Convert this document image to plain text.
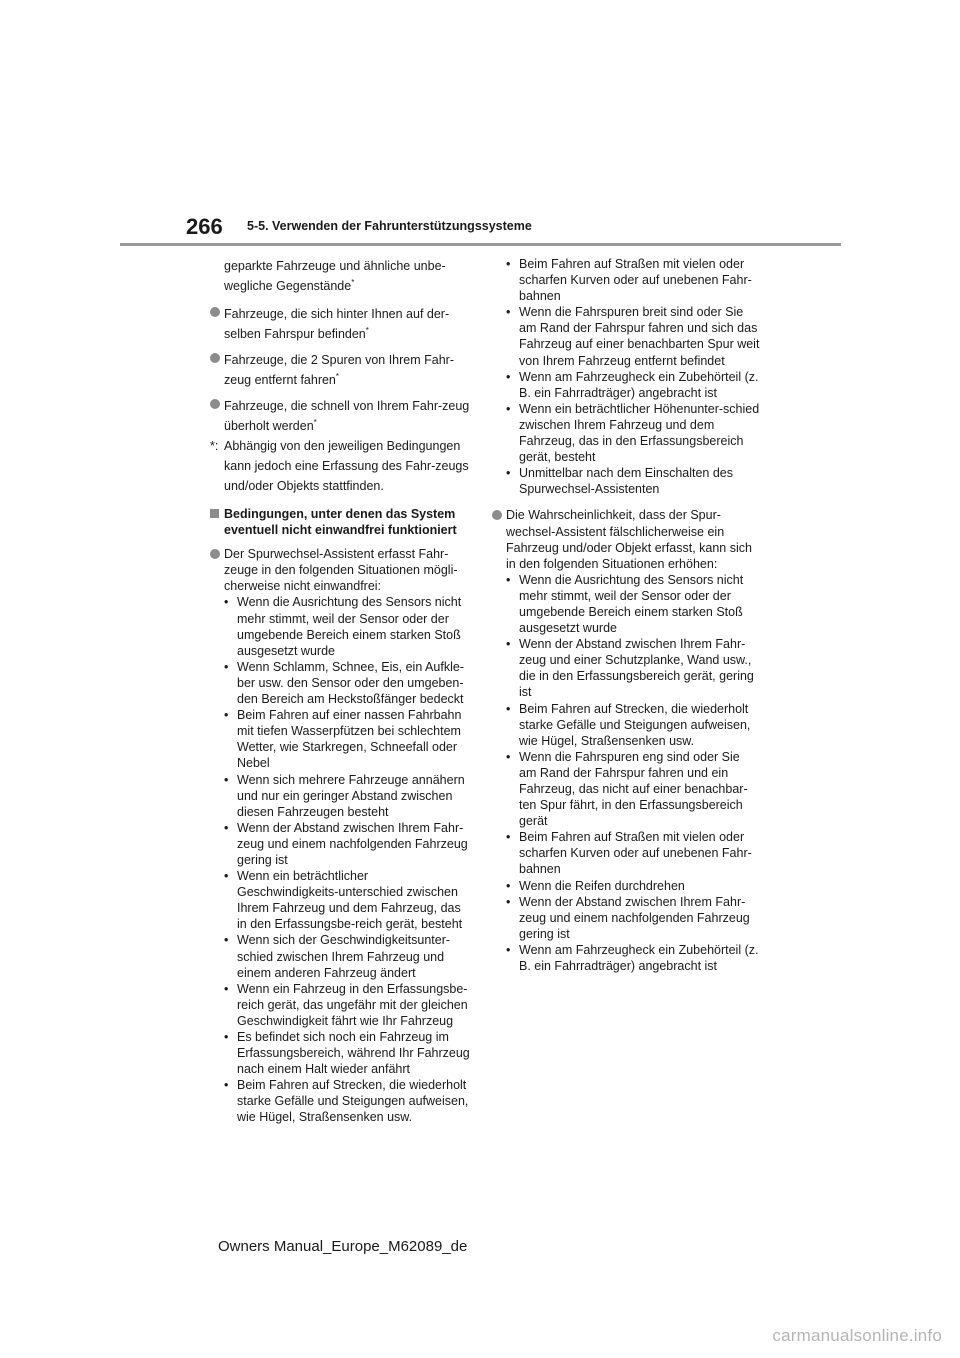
266 5-5. Verwenden der Fahrunterstützungssysteme

geparkte Fahrzeuge und ähnliche unbe-wegliche Gegenstände*

Fahrzeuge, die sich hinter Ihnen auf der-selben Fahrspur befinden*
Fahrzeuge, die 2 Spuren von Ihrem Fahr-zeug entfernt fahren*
Fahrzeuge, die schnell von Ihrem Fahr-zeug überholt werden*
*: Abhängig von den jeweiligen Bedingungen kann jedoch eine Erfassung des Fahr-zeugs und/oder Objekts stattfinden.
Bedingungen, unter denen das System eventuell nicht einwandfrei funktioniert
Der Spurwechsel-Assistent erfasst Fahr-zeuge in den folgenden Situationen mögli-cherweise nicht einwandfrei:
• Wenn die Ausrichtung des Sensors nicht mehr stimmt, weil der Sensor oder der umgebende Bereich einem starken Stoß ausgesetzt wurde
• Wenn Schlamm, Schnee, Eis, ein Aufkle-ber usw. den Sensor oder den umgeben-den Bereich am Heckstoßfänger bedeckt
• Beim Fahren auf einer nassen Fahrbahn mit tiefen Wasserpfützen bei schlechtem Wetter, wie Starkregen, Schneefall oder Nebel
• Wenn sich mehrere Fahrzeuge annähern und nur ein geringer Abstand zwischen diesen Fahrzeugen besteht
• Wenn der Abstand zwischen Ihrem Fahr-zeug und einem nachfolgenden Fahrzeug gering ist
• Wenn ein beträchtlicher Geschwindigkeits-unterschied zwischen Ihrem Fahrzeug und dem Fahrzeug, das in den Erfassungsbe-reich gerät, besteht
• Wenn sich der Geschwindigkeitsunter-schied zwischen Ihrem Fahrzeug und einem anderen Fahrzeug ändert
• Wenn ein Fahrzeug in den Erfassungsbe-reich gerät, das ungefähr mit der gleichen Geschwindigkeit fährt wie Ihr Fahrzeug
• Es befindet sich noch ein Fahrzeug im Erfassungsbereich, während Ihr Fahrzeug nach einem Halt wieder anfährt
• Beim Fahren auf Strecken, die wiederholt starke Gefälle und Steigungen aufweisen, wie Hügel, Straßensenken usw.
• Beim Fahren auf Straßen mit vielen oder scharfen Kurven oder auf unebenen Fahr-bahnen
• Wenn die Fahrspuren breit sind oder Sie am Rand der Fahrspur fahren und sich das Fahrzeug auf einer benachbarten Spur weit von Ihrem Fahrzeug entfernt befindet
• Wenn am Fahrzeugheck ein Zubehörteil (z. B. ein Fahrradträger) angebracht ist
• Wenn ein beträchtlicher Höhenunter-schied zwischen Ihrem Fahrzeug und dem Fahrzeug, das in den Erfassungsbereich gerät, besteht
• Unmittelbar nach dem Einschalten des Spurwechsel-Assistenten
Die Wahrscheinlichkeit, dass der Spur-wechsel-Assistent fälschlicherweise ein Fahrzeug und/oder Objekt erfasst, kann sich in den folgenden Situationen erhöhen:
• Wenn die Ausrichtung des Sensors nicht mehr stimmt, weil der Sensor oder der umgebende Bereich einem starken Stoß ausgesetzt wurde
• Wenn der Abstand zwischen Ihrem Fahr-zeug und einer Schutzplanke, Wand usw., die in den Erfassungsbereich gerät, gering ist
• Beim Fahren auf Strecken, die wiederholt starke Gefälle und Steigungen aufweisen, wie Hügel, Straßensenken usw.
• Wenn die Fahrspuren eng sind oder Sie am Rand der Fahrspur fahren und ein Fahrzeug, das nicht auf einer benachbar-ten Spur fährt, in den Erfassungsbereich gerät
• Beim Fahren auf Straßen mit vielen oder scharfen Kurven oder auf unebenen Fahr-bahnen
• Wenn die Reifen durchdrehen
• Wenn der Abstand zwischen Ihrem Fahr-zeug und einem nachfolgenden Fahrzeug gering ist
• Wenn am Fahrzeugheck ein Zubehörteil (z. B. ein Fahrradträger) angebracht ist
Owners Manual_Europe_M62089_de
carmanualsonline.info
